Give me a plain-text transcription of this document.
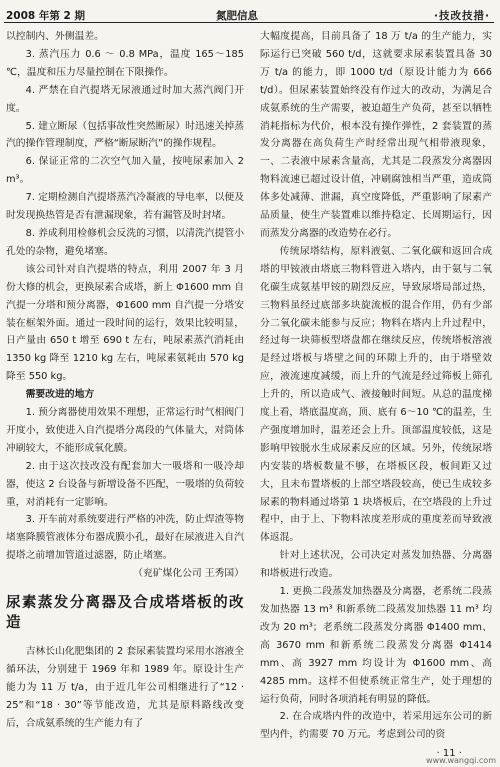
2008 年第 2 期	氮肥信息	·技改技措·

以控制内、外侧温差。

3. 蒸汽压力 0.6 ～ 0.8 MPa，温度 165～185 ℃，温度和压力尽量控制在下限操作。

4. 严禁在自汽提塔无尿液通过时加大蒸汽阀门开度。

5. 建立断尿（包括事故性突然断尿）时迅速关掉蒸汽的操作管理制度，严格“断尿断汽”的操作规程。

6. 保证正常的二次空气加入量，按吨尿素加入 2 m³。

7. 定期检测自汽提塔蒸汽冷凝液的导电率，以便及时发现换热管是否有泄漏现象，若有漏管及时封堵。

8. 养成利用检修机会反洗的习惯，以清洗汽提管小孔处的杂物，避免堵塞。

该公司针对自汽提塔的特点，利用 2007 年 3 月份大修的机会，更换尿素合成塔，新上 Φ1600 mm 自汽提一分塔和预分离器，Φ1600 mm 自汽提一分塔安装在框架外面。通过一段时间的运行，效果比较明显，日产量由 650 t 增至 690 t 左右，吨尿素蒸汽消耗由 1350 kg 降至 1210 kg 左右，吨尿素氨耗由 570 kg 降至 550 kg。

需要改进的地方

1. 预分离器使用效果不理想，正常运行时气相阀门开度小，致使进入自汽提塔分离段的气体量大，对筒体冲刷较大，不能形成氧化膜。

2. 由于这次技改没有配套加大一吸塔和一吸冷却器，使这 2 台设备与新增设备不匹配，一吸塔的负荷较重，对消耗有一定影响。

3. 开车前对系统要进行严格的冲洗，防止焊渣等物堵塞降膜管液体分布器成膜小孔，最好在尿液进入自汽提塔之前增加管道过滤器，防止堵塞。

（兖矿煤化公司 王秀国）

尿素蒸发分离器及合成塔塔板的改造

吉林长山化肥集团的 2 套尿素装置均采用水溶液全循环法，分别建于 1969 年和 1989 年。原设计生产能力为 11 万 t/a，由于近几年公司相继进行了“12 · 25”和“18 · 30”等节能改造，尤其是原料路线改变后，合成氨系统的生产能力有了

大幅度提高，目前具备了 18 万 t/a 的生产能力，实际运行已突破 560 t/d，这就要求尿素装置具备 30 万 t/a 的能力，即 1000 t/d（原设计能力为 666 t/d）。但尿素装置始终没有作过大的改动，为满足合成氨系统的生产需要，被迫超生产负荷，甚至以牺牲消耗指标为代价，根本没有操作弹性，2 套装置的蒸发分离器在高负荷生产时经常出现气相带液现象，一、二表液中尿素含量高，尤其是二段蒸发分离器因物料流速已超过设计值，冲刷腐蚀相当严重，造成筒体多处减薄、泄漏，真空度降低，严重影响了尿素产品质量，使生产装置难以维持稳定、长周期运行，因而蒸发分离器的改造势在必行。

传统尿塔结构，原料液氨、二氧化碳和返回合成塔的甲铵液由塔底三物料管进入塔内，由于氨与二氧化碳生成氨基甲铵的剧烈反应，导致尿塔局部过热，三物料虽经过底部多块旋流板的混合作用，仍有少部分二氧化碳未能参与反应；物料在塔内上升过程中，经过每一块筛板型塔盘都在继续反应，传统塔板溶液是经过塔板与塔壁之间的环隙上升的，由于塔壁效应，液流速度减缓，而上升的气流是经过筛板上筛孔上升的，所以造成气、液接触时间短。从总的温度梯度上看，塔底温度高，顶、底有 6～10 ℃的温差，生产强度增加时，温差还会上升。顶部温度较低，这是影响甲铵脱水生成尿素反应的区域。另外，传统尿塔内安装的塔板数量不够，在塔板区段，板间距又过大，且未布置塔板的上部空塔段较高，使已生成较多尿素的物料通过塔第 1 块塔板后，在空塔段的上升过程中，由于上、下物料浓度差形成的重度差而导致液体返混。

针对上述状况，公司决定对蒸发加热器、分离器和塔板进行改造。

1. 更换二段蒸发加热器及分离器，老系统二段蒸发加热器 13 m³ 和新系统二段蒸发加热器 11 m³ 均改为 20 m³；老系统二段蒸发分离器 Φ1400 mm、高 3670 mm 和新系统二段蒸发分离器 Φ1414 mm、高 3927 mm 均设计为 Φ1600 mm、高 4285 mm。这样不但使系统正常生产，处于理想的运行负荷，同时各项消耗有明显的降低。

2. 在合成塔内件的改造中，若采用远东公司的新型内件，约需要 70 万元。考虑到公司的资

· 11 ·
www.wangqi.com
